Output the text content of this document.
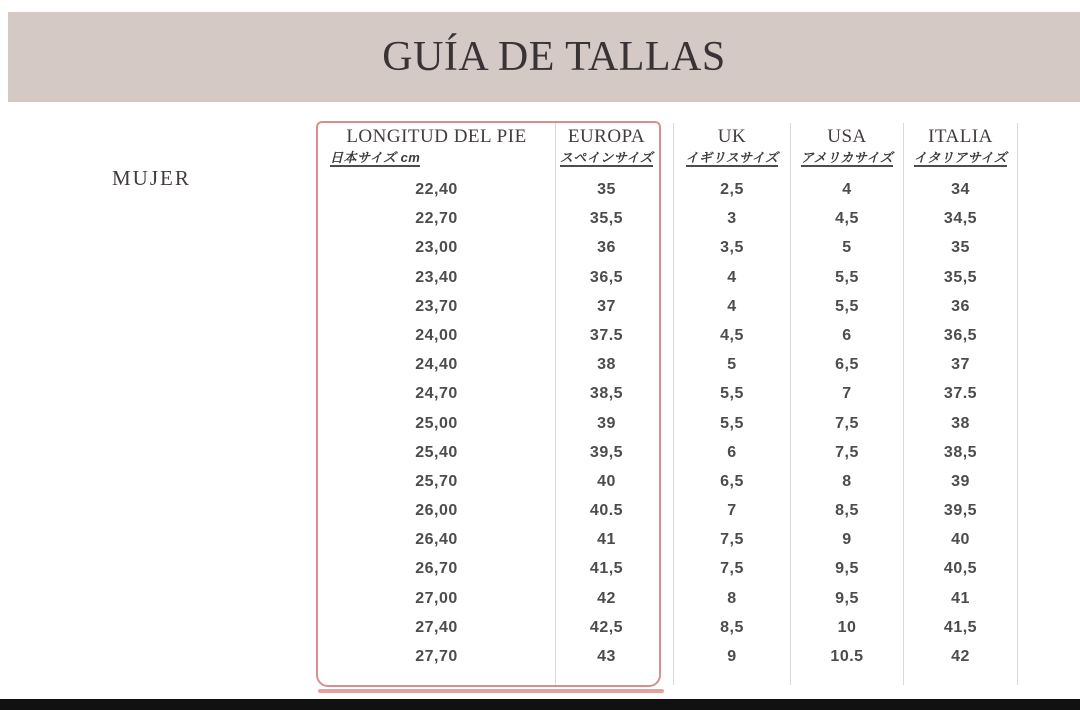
GUÍA DE TALLAS
MUJER
LONGITUD DEL PIE
日本サイズ cm
22,40
22,70
23,00
23,40
23,70
24,00
24,40
24,70
25,00
25,40
25,70
26,00
26,40
26,70
27,00
27,40
27,70
EUROPA
スペインサイズ
35
35,5
36
36,5
37
37.5
38
38,5
39
39,5
40
40.5
41
41,5
42
42,5
43
UK
イギリスサイズ
2,5
3
3,5
4
4
4,5
5
5,5
5,5
6
6,5
7
7,5
7,5
8
8,5
9
USA
アメリカサイズ
4
4,5
5
5,5
5,5
6
6,5
7
7,5
7,5
8
8,5
9
9,5
9,5
10
10.5
ITALIA
イタリアサイズ
34
34,5
35
35,5
36
36,5
37
37.5
38
38,5
39
39,5
40
40,5
41
41,5
42
